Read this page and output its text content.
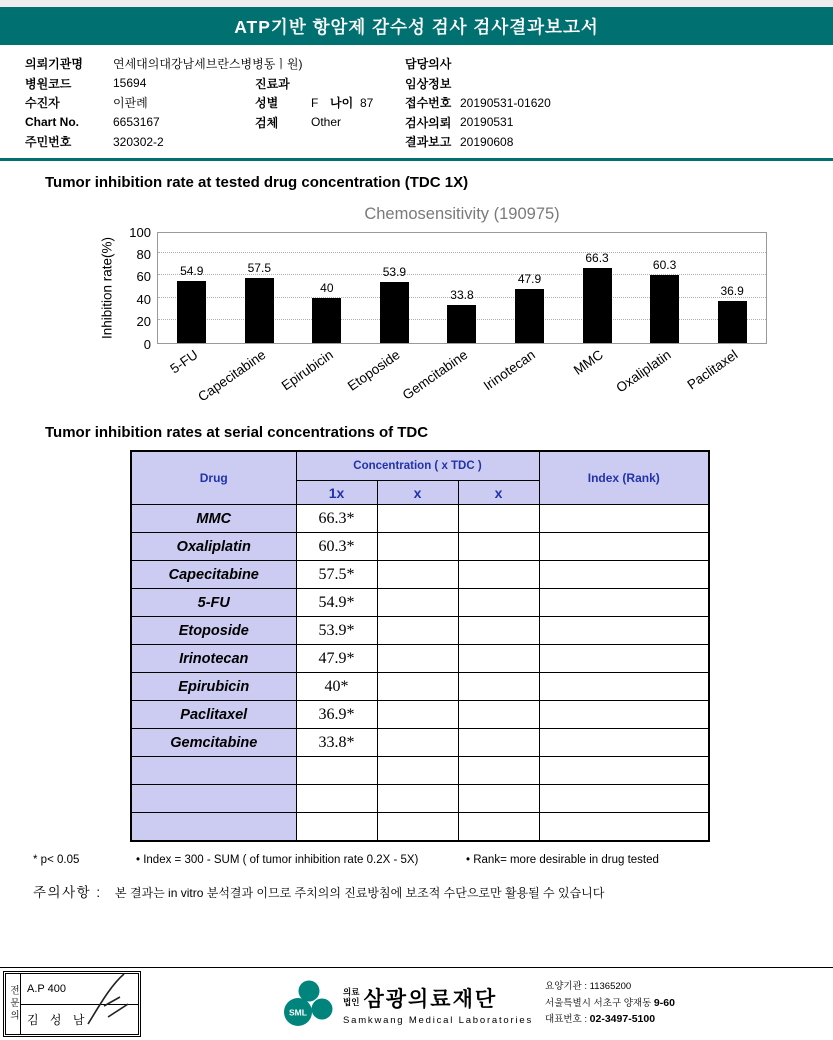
ATP기반 항암제 감수성 검사 검사결과보고서
의뢰기관명	연세대의대강남세브란스병병동ㅣ원)	담당의사
병원코드	15694	진료과	임상정보
수진자	이판례	성별	F 나이 87	접수번호 20190531-01620
Chart No.	6653167	검체	Other	검사의뢰 20190531
주민번호	320302-2	결과보고 20190608
Tumor inhibition rate at tested drug concentration (TDC 1X)
Chemosensitivity (190975)
Inhibition rate(%)
0
20
40
60
80
100
54.9
5-FU
57.5
Capecitabine
40
Epirubicin
53.9
Etoposide
33.8
Gemcitabine
47.9
Irinotecan
66.3
MMC
60.3
Oxaliplatin
36.9
Paclitaxel
Tumor inhibition rates at serial concentrations of TDC
Drug	Concentration ( x TDC )			Index (Rank)
	1x	x	x	
MMC	66.3*			
Oxaliplatin	60.3*			
Capecitabine	57.5*			
5-FU	54.9*			
Etoposide	53.9*			
Irinotecan	47.9*			
Epirubicin	40*			
Paclitaxel	36.9*			
Gemcitabine	33.8*			

* p< 0.05	• Index = 300 - SUM ( of tumor inhibition rate 0.2X - 5X)	• Rank= more desirable in drug tested
주의사항 : 본 결과는 in vitro 분석결과 이므로 주치의의 진료방침에 보조적 수단으로만 활용될 수 있습니다
전문의 A.P 400
김 성 남
SML
의료
법인 삼광의료재단
Samkwang Medical Laboratories
요양기관 : 11365200
서울특별시 서초구 양재동 9-60
대표번호 : 02-3497-5100
